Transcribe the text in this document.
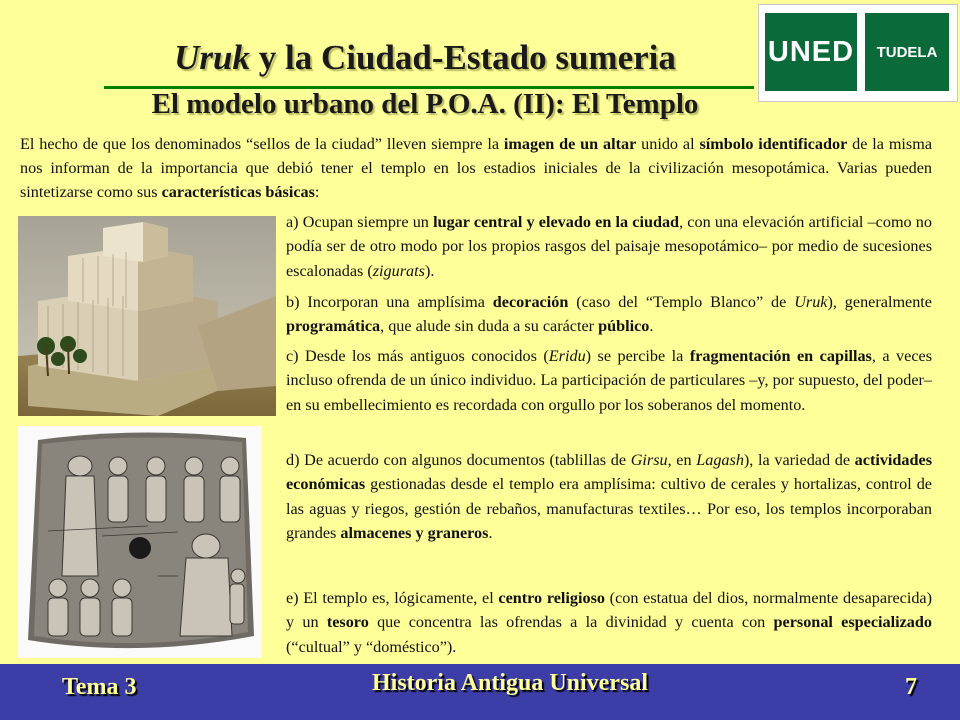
Uruk y la Ciudad-Estado sumeria
El modelo urbano del P.O.A. (II): El Templo
UNED	TUDELA

El hecho de que los denominados “sellos de la ciudad” lleven siempre la imagen de un altar unido al símbolo identificador de la misma nos informan de la importancia que debió tener el templo en los estadios iniciales de la civilización mesopotámica. Varias pueden sintetizarse como sus características básicas:

a) Ocupan siempre un lugar central y elevado en la ciudad, con una elevación artificial –como no podía ser de otro modo por los propios rasgos del paisaje mesopotámico– por medio de sucesiones escalonadas (zigurats).

b) Incorporan una amplísima decoración (caso del “Templo Blanco” de Uruk), generalmente programática, que alude sin duda a su carácter público.

c) Desde los más antiguos conocidos (Eridu) se percibe la fragmentación en capillas, a veces incluso ofrenda de un único individuo. La participación de particulares –y, por supuesto, del poder– en su embellecimiento es recordada con orgullo por los soberanos del momento.

d) De acuerdo con algunos documentos (tablillas de Girsu, en Lagash), la variedad de actividades económicas gestionadas desde el templo era amplísima: cultivo de cerales y hortalizas, control de las aguas y riegos, gestión de rebaños, manufacturas textiles… Por eso, los templos incorporaban grandes almacenes y graneros.

e) El templo es, lógicamente, el centro religioso (con estatua del dios, normalmente desaparecida) y un tesoro que concentra las ofrendas a la divinidad y cuenta con personal especializado (“cultual” y “doméstico”).

Tema 3	Historia Antigua Universal	7
